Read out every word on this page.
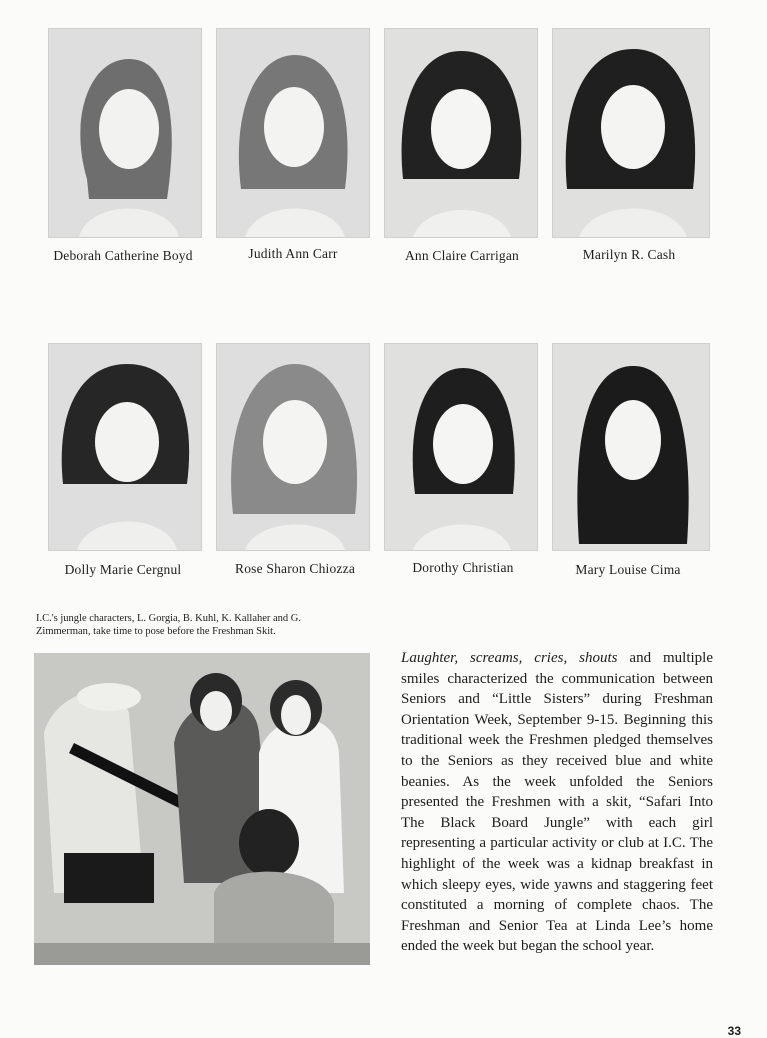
Deborah Catherine Boyd	Judith Ann Carr	Ann Claire Carrigan	Marilyn R. Cash
Dolly Marie Cergnul	Rose Sharon Chiozza	Dorothy Christian	Mary Louise Cima
I.C.'s jungle characters, L. Gorgia, B. Kuhl, K. Kallaher and G.
Zimmerman, take time to pose before the Freshman Skit.
Laughter, screams, cries, shouts and multiple smiles characterized the communication between Seniors and “Little Sisters” during Freshman Orientation Week, September 9-15. Beginning this traditional week the Freshmen pledged themselves to the Seniors as they received blue and white beanies. As the week unfolded the Seniors presented the Freshmen with a skit, “Safari Into The Black Board Jungle” with each girl representing a particular activity or club at I.C. The highlight of the week was a kidnap breakfast in which sleepy eyes, wide yawns and staggering feet constituted a morning of complete chaos. The Freshman and Senior Tea at Linda Lee’s home ended the week but began the school year.
33
